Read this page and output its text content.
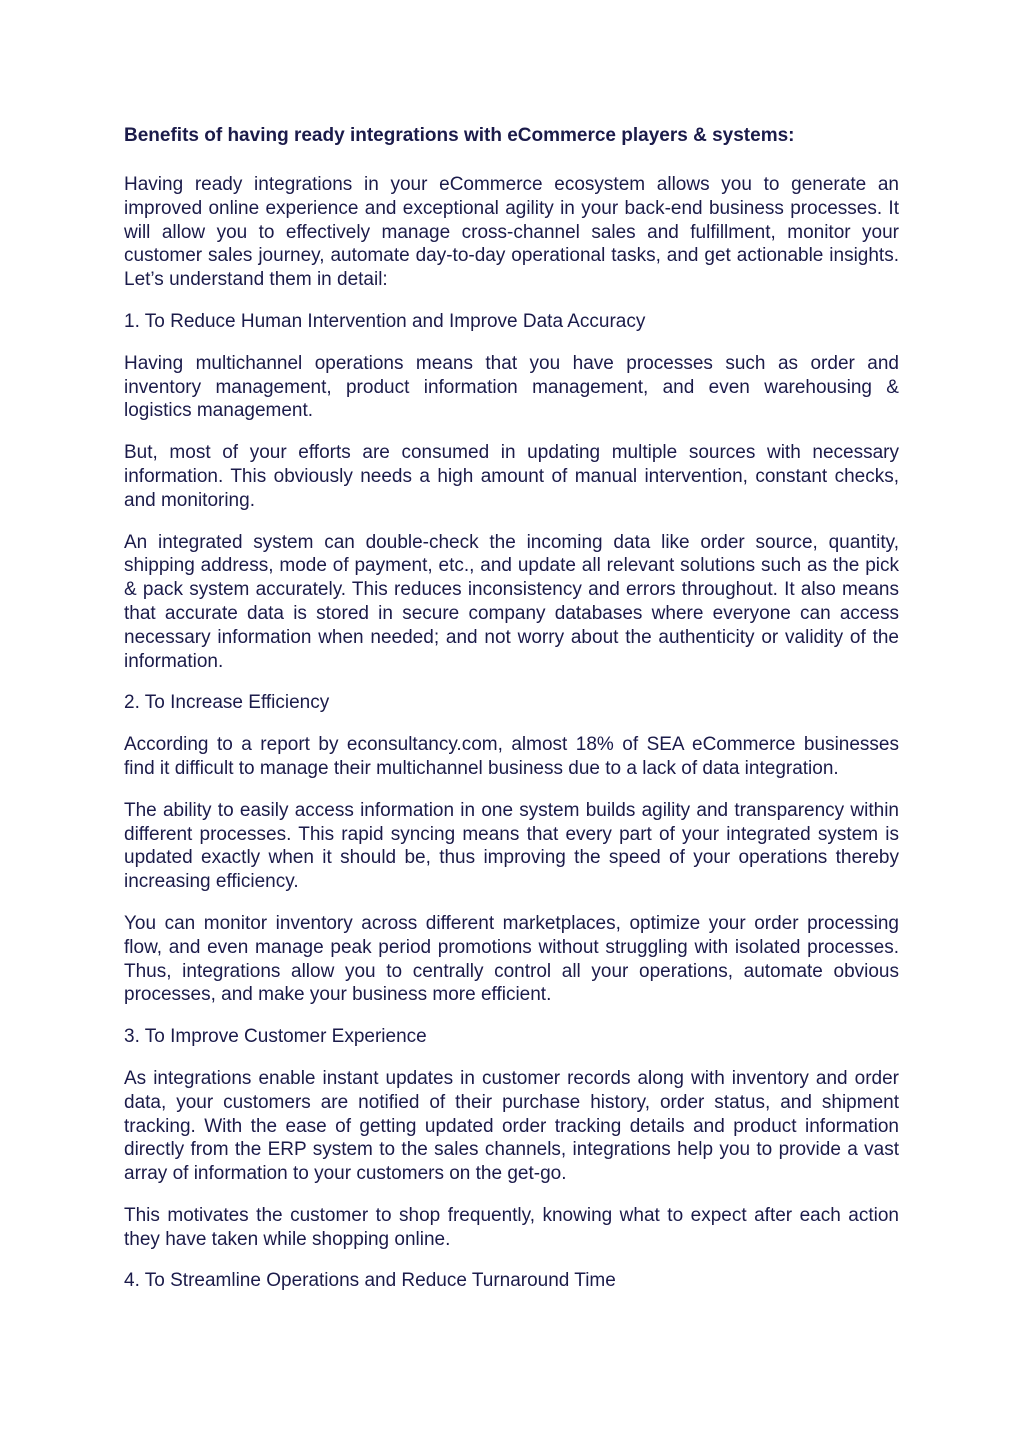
Benefits of having ready integrations with eCommerce players & systems:

Having ready integrations in your eCommerce ecosystem allows you to generate an improved online experience and exceptional agility in your back-end business processes. It will allow you to effectively manage cross-channel sales and fulfillment, monitor your customer sales journey, automate day-to-day operational tasks, and get actionable insights. Let’s understand them in detail:

1. To Reduce Human Intervention and Improve Data Accuracy

Having multichannel operations means that you have processes such as order and inventory management, product information management, and even warehousing & logistics management.

But, most of your efforts are consumed in updating multiple sources with necessary information. This obviously needs a high amount of manual intervention, constant checks, and monitoring.

An integrated system can double-check the incoming data like order source, quantity, shipping address, mode of payment, etc., and update all relevant solutions such as the pick & pack system accurately. This reduces inconsistency and errors throughout. It also means that accurate data is stored in secure company databases where everyone can access necessary information when needed; and not worry about the authenticity or validity of the information.

2. To Increase Efficiency

According to a report by econsultancy.com, almost 18% of SEA eCommerce businesses find it difficult to manage their multichannel business due to a lack of data integration.

The ability to easily access information in one system builds agility and transparency within different processes. This rapid syncing means that every part of your integrated system is updated exactly when it should be, thus improving the speed of your operations thereby increasing efficiency.

You can monitor inventory across different marketplaces, optimize your order processing flow, and even manage peak period promotions without struggling with isolated processes. Thus, integrations allow you to centrally control all your operations, automate obvious processes, and make your business more efficient.

3. To Improve Customer Experience

As integrations enable instant updates in customer records along with inventory and order data, your customers are notified of their purchase history, order status, and shipment tracking. With the ease of getting updated order tracking details and product information directly from the ERP system to the sales channels, integrations help you to provide a vast array of information to your customers on the get-go.

This motivates the customer to shop frequently, knowing what to expect after each action they have taken while shopping online.

4. To Streamline Operations and Reduce Turnaround Time
